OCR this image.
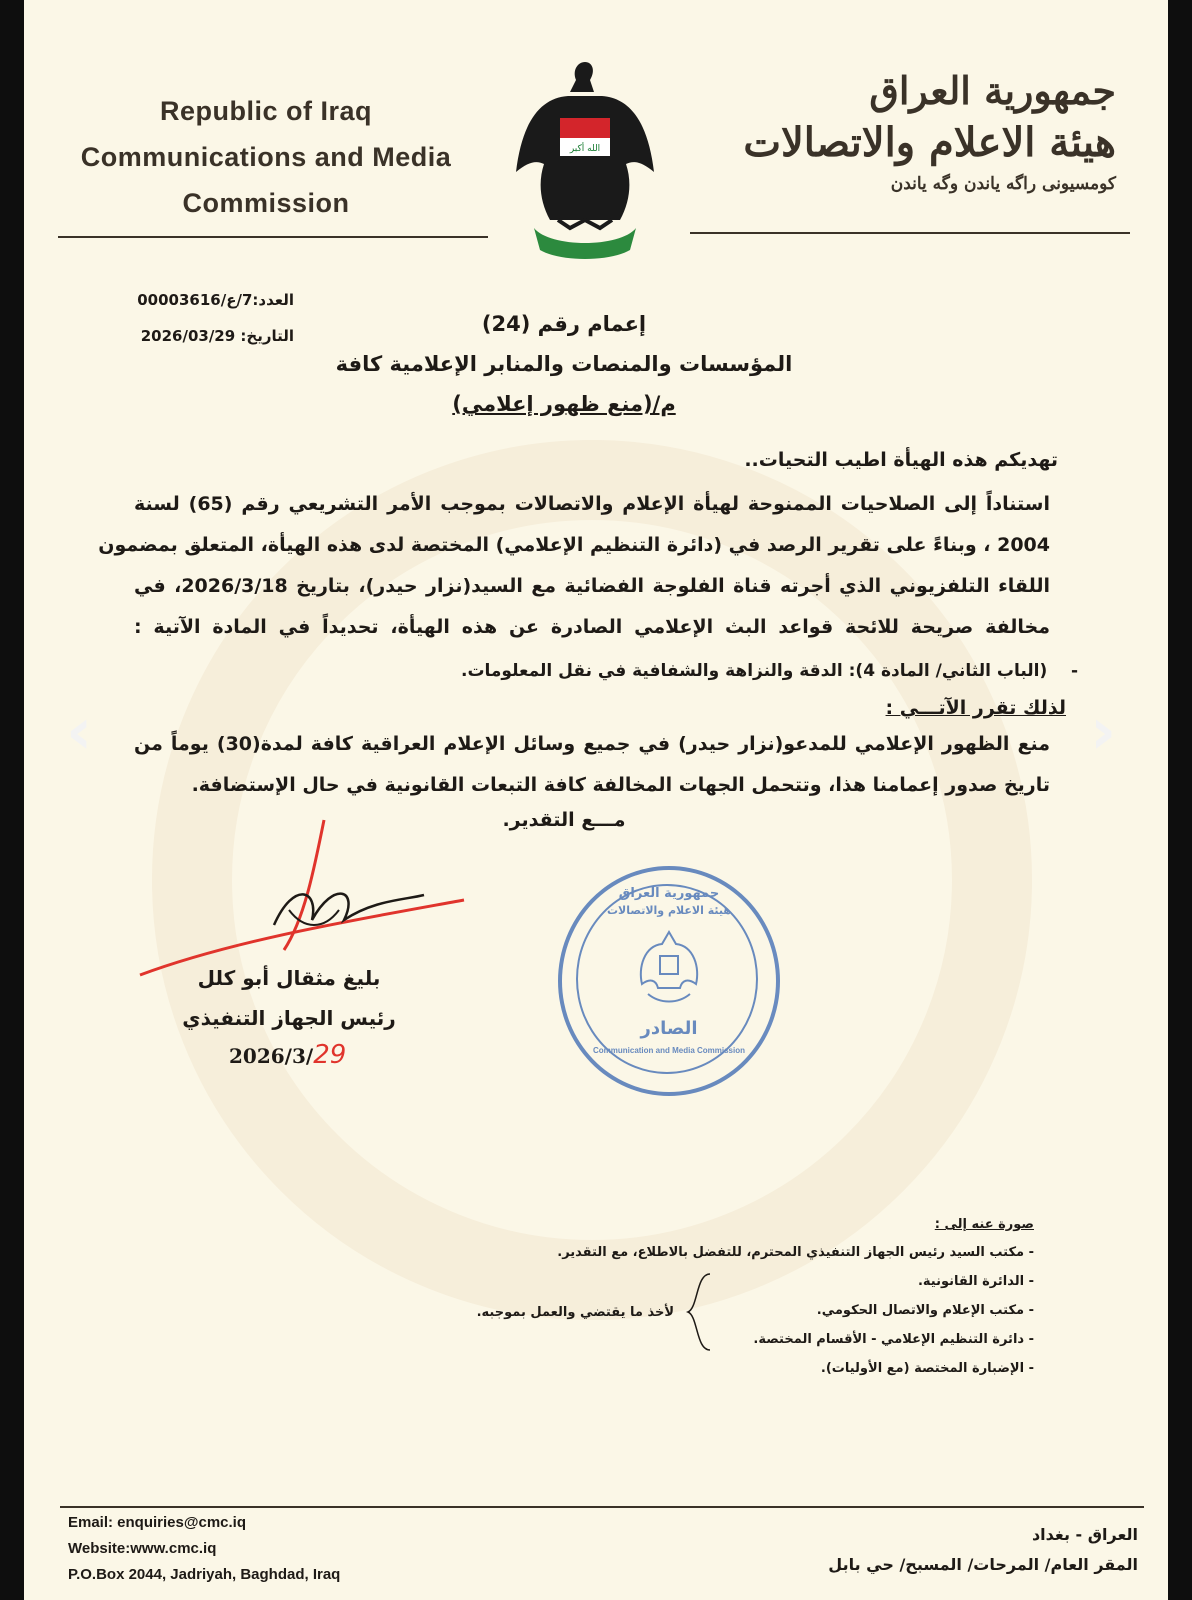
Republic of Iraq
Communications and Media
Commission
الله أكبر
جمهورية العراق
هيئة الاعلام والاتصالات
كومسيونى راگه ياندن وگه ياندن
العدد:7/ع/00003616
التاريخ: 2026/03/29	إعمام رقم (24)
المؤسسات والمنصات والمنابر الإعلامية كافة
م/(منع ظهور إعلامي)
تهديكم هذه الهيأة اطيب التحيات..
استناداً إلى الصلاحيات الممنوحة لهيأة الإعلام والاتصالات بموجب الأمر التشريعي رقم (65) لسنة
2004 ، وبناءً على تقرير الرصد في (دائرة التنظيم الإعلامي) المختصة لدى هذه الهيأة، المتعلق بمضمون
اللقاء التلفزيوني الذي أجرته قناة الفلوجة الفضائية مع السيد(نزار حيدر)، بتاريخ 2026/3/18، في
مخالفة صريحة للائحة قواعد البث الإعلامي الصادرة عن هذه الهيأة، تحديداً في المادة الآتية :
-    (الباب الثاني/ المادة 4): الدقة والنزاهة والشفافية في نقل المعلومات.
لذلك تقرر الآتـــي :
منع الظهور الإعلامي للمدعو(نزار حيدر) في جميع وسائل الإعلام العراقية كافة لمدة(30) يوماً من
تاريخ صدور إعمامنا هذا، وتتحمل الجهات المخالفة كافة التبعات القانونية في حال الإستضافة.
مـــع التقدير.
بليغ مثقال أبو كلل
رئيس الجهاز التنفيذي
2026/3/29
جمهورية العراق
هيئة الاعلام والاتصالات
الصادر
Communication and Media Commission
صورة عنه إلى :
- مكتب السيد رئيس الجهاز التنفيذي المحترم، للتفضل بالاطلاع، مع التقدير.
- الدائرة القانونية.
- مكتب الإعلام والاتصال الحكومي.
- دائرة التنظيم الإعلامي - الأقسام المختصة.
- الإضبارة المختصة (مع الأوليات).
لأخذ ما يقتضي والعمل بموجبه.
Email: enquiries@cmc.iq
Website:www.cmc.iq
P.O.Box 2044, Jadriyah, Baghdad, Iraq
العراق - بغداد
المقر العام/ المرحات/ المسبح/ حي بابل
‹	›
